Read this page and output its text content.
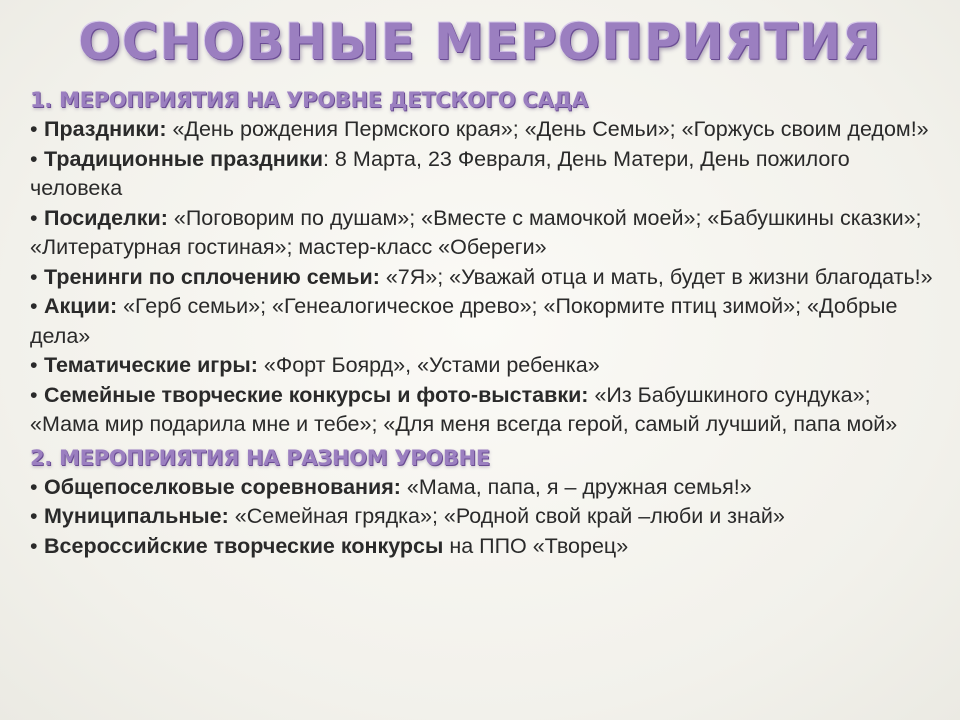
ОСНОВНЫЕ МЕРОПРИЯТИЯ
1. МЕРОПРИЯТИЯ НА УРОВНЕ ДЕТСКОГО САДА

• Праздники: «День рождения Пермского края»; «День Семьи»; «Горжусь своим дедом!»

• Традиционные праздники: 8 Марта, 23 Февраля, День Матери, День пожилого человека

• Посиделки: «Поговорим по душам»; «Вместе с мамочкой моей»; «Бабушкины сказки»; «Литературная гостиная»; мастер-класс «Обереги»

• Тренинги по сплочению семьи: «7Я»; «Уважай отца и мать, будет в жизни благодать!»

• Акции: «Герб семьи»; «Генеалогическое древо»; «Покормите птиц зимой»; «Добрые дела»

• Тематические игры: «Форт Боярд», «Устами ребенка»

• Семейные творческие конкурсы и фото-выставки: «Из Бабушкиного сундука»; «Мама мир подарила мне и тебе»; «Для меня всегда герой, самый лучший, папа мой»

2. МЕРОПРИЯТИЯ НА РАЗНОМ УРОВНЕ

• Общепоселковые соревнования: «Мама, папа, я – дружная семья!»

• Муниципальные: «Семейная грядка»; «Родной свой край –люби и знай»

• Всероссийские творческие конкурсы на ППО «Творец»
